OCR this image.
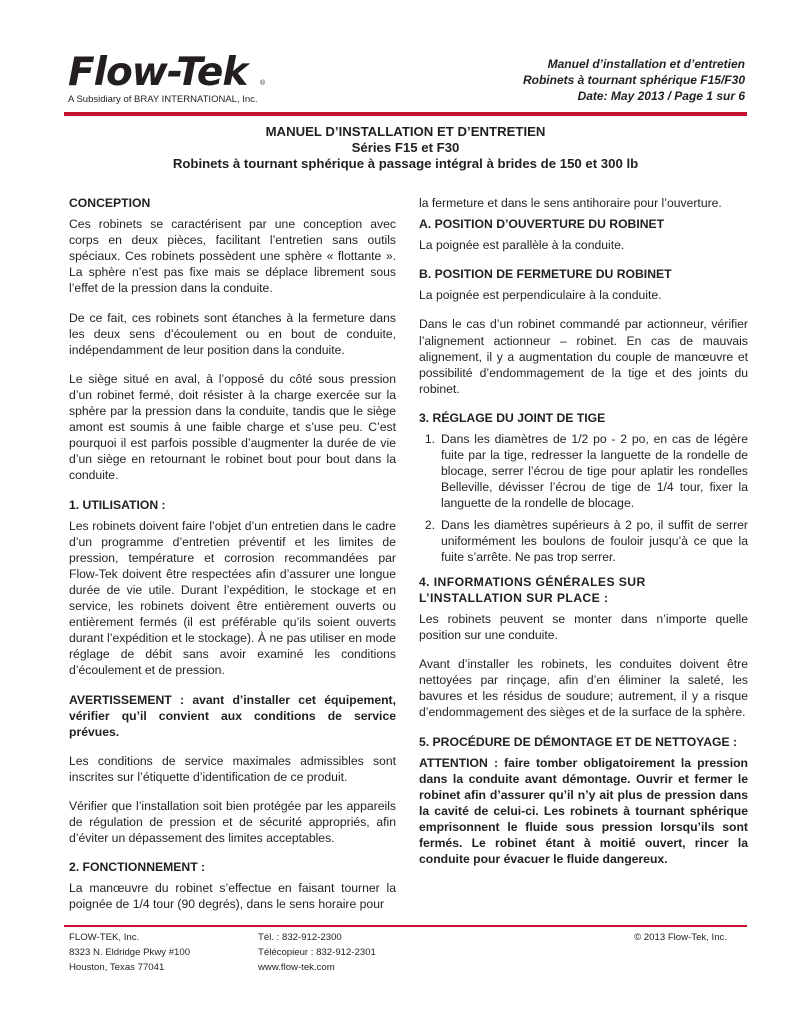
Flow-Tek ®
A Subsidiary of BRAY INTERNATIONAL, Inc.
Manuel d’installation et d’entretien
Robinets à tournant sphérique F15/F30
Date: May 2013 / Page 1 sur 6
MANUEL D’INSTALLATION ET D’ENTRETIEN
Séries F15 et F30
Robinets à tournant sphérique à passage intégral à brides de 150 et 300 lb
CONCEPTION
Ces robinets se caractérisent par une conception avec corps en deux pièces, facilitant l’entretien sans outils spéciaux. Ces robinets possèdent une sphère « flottante ». La sphère n’est pas fixe mais se déplace librement sous l’effet de la pression dans la conduite.
De ce fait, ces robinets sont étanches à la fermeture dans les deux sens d’écoulement ou en bout de conduite, indépendamment de leur position dans la conduite.
Le siège situé en aval, à l’opposé du côté sous pression d’un robinet fermé, doit résister à la charge exercée sur la sphère par la pression dans la conduite, tandis que le siège amont est soumis à une faible charge et s’use peu. C’est pourquoi il est parfois possible d’augmenter la durée de vie d’un siège en retournant le robinet bout pour bout dans la conduite.
1. UTILISATION :
Les robinets doivent faire l’objet d’un entretien dans le cadre d’un programme d’entretien préventif et les limites de pression, température et corrosion recommandées par Flow-Tek doivent être respectées afin d’assurer une longue durée de vie utile. Durant l’expédition, le stockage et en service, les robinets doivent être entièrement ouverts ou entièrement fermés (il est préférable qu’ils soient ouverts durant l’expédition et le stockage). À ne pas utiliser en mode réglage de débit sans avoir examiné les conditions d’écoulement et de pression.
AVERTISSEMENT : avant d’installer cet équipement, vérifier qu’il convient aux conditions de service prévues.
Les conditions de service maximales admissibles sont inscrites sur l’étiquette d’identification de ce produit.
Vérifier que l’installation soit bien protégée par les appareils de régulation de pression et de sécurité appropriés, afin d’éviter un dépassement des limites acceptables.
2. FONCTIONNEMENT :
La manœuvre du robinet s’effectue en faisant tourner la poignée de 1/4 tour (90 degrés), dans le sens horaire pour
la fermeture et dans le sens antihoraire pour l’ouverture.
A. POSITION D’OUVERTURE DU ROBINET
La poignée est parallèle à la conduite.
B. POSITION DE FERMETURE DU ROBINET
La poignée est perpendiculaire à la conduite.
Dans le cas d’un robinet commandé par actionneur, vérifier l’alignement actionneur – robinet. En cas de mauvais alignement, il y a augmentation du couple de manœuvre et possibilité d’endommagement de la tige et des joints du robinet.
3. RÉGLAGE DU JOINT DE TIGE
1. Dans les diamètres de 1/2 po - 2 po, en cas de légère fuite par la tige, redresser la languette de la rondelle de blocage, serrer l’écrou de tige pour aplatir les rondelles Belleville, dévisser l’écrou de tige de 1/4 tour, fixer la languette de la rondelle de blocage.
2. Dans les diamètres supérieurs à 2 po, il suffit de serrer uniformément les boulons de fouloir jusqu’à ce que la fuite s’arrête. Ne pas trop serrer.
4. INFORMATIONS GÉNÉRALES SUR L’INSTALLATION SUR PLACE :
Les robinets peuvent se monter dans n’importe quelle position sur une conduite.
Avant d’installer les robinets, les conduites doivent être nettoyées par rinçage, afin d’en éliminer la saleté, les bavures et les résidus de soudure; autrement, il y a risque d’endommagement des sièges et de la surface de la sphère.
5. PROCÉDURE DE DÉMONTAGE ET DE NETTOYAGE :
ATTENTION : faire tomber obligatoirement la pression dans la conduite avant démontage. Ouvrir et fermer le robinet afin d’assurer qu’il n’y ait plus de pression dans la cavité de celui-ci. Les robinets à tournant sphérique emprisonnent le fluide sous pression lorsqu’ils sont fermés. Le robinet étant à moitié ouvert, rincer la conduite pour évacuer le fluide dangereux.
FLOW-TEK, Inc.
8323 N. Eldridge Pkwy #100
Houston, Texas 77041
Tél. : 832-912-2300
Télécopieur : 832-912-2301
www.flow-tek.com
© 2013 Flow-Tek, Inc.
